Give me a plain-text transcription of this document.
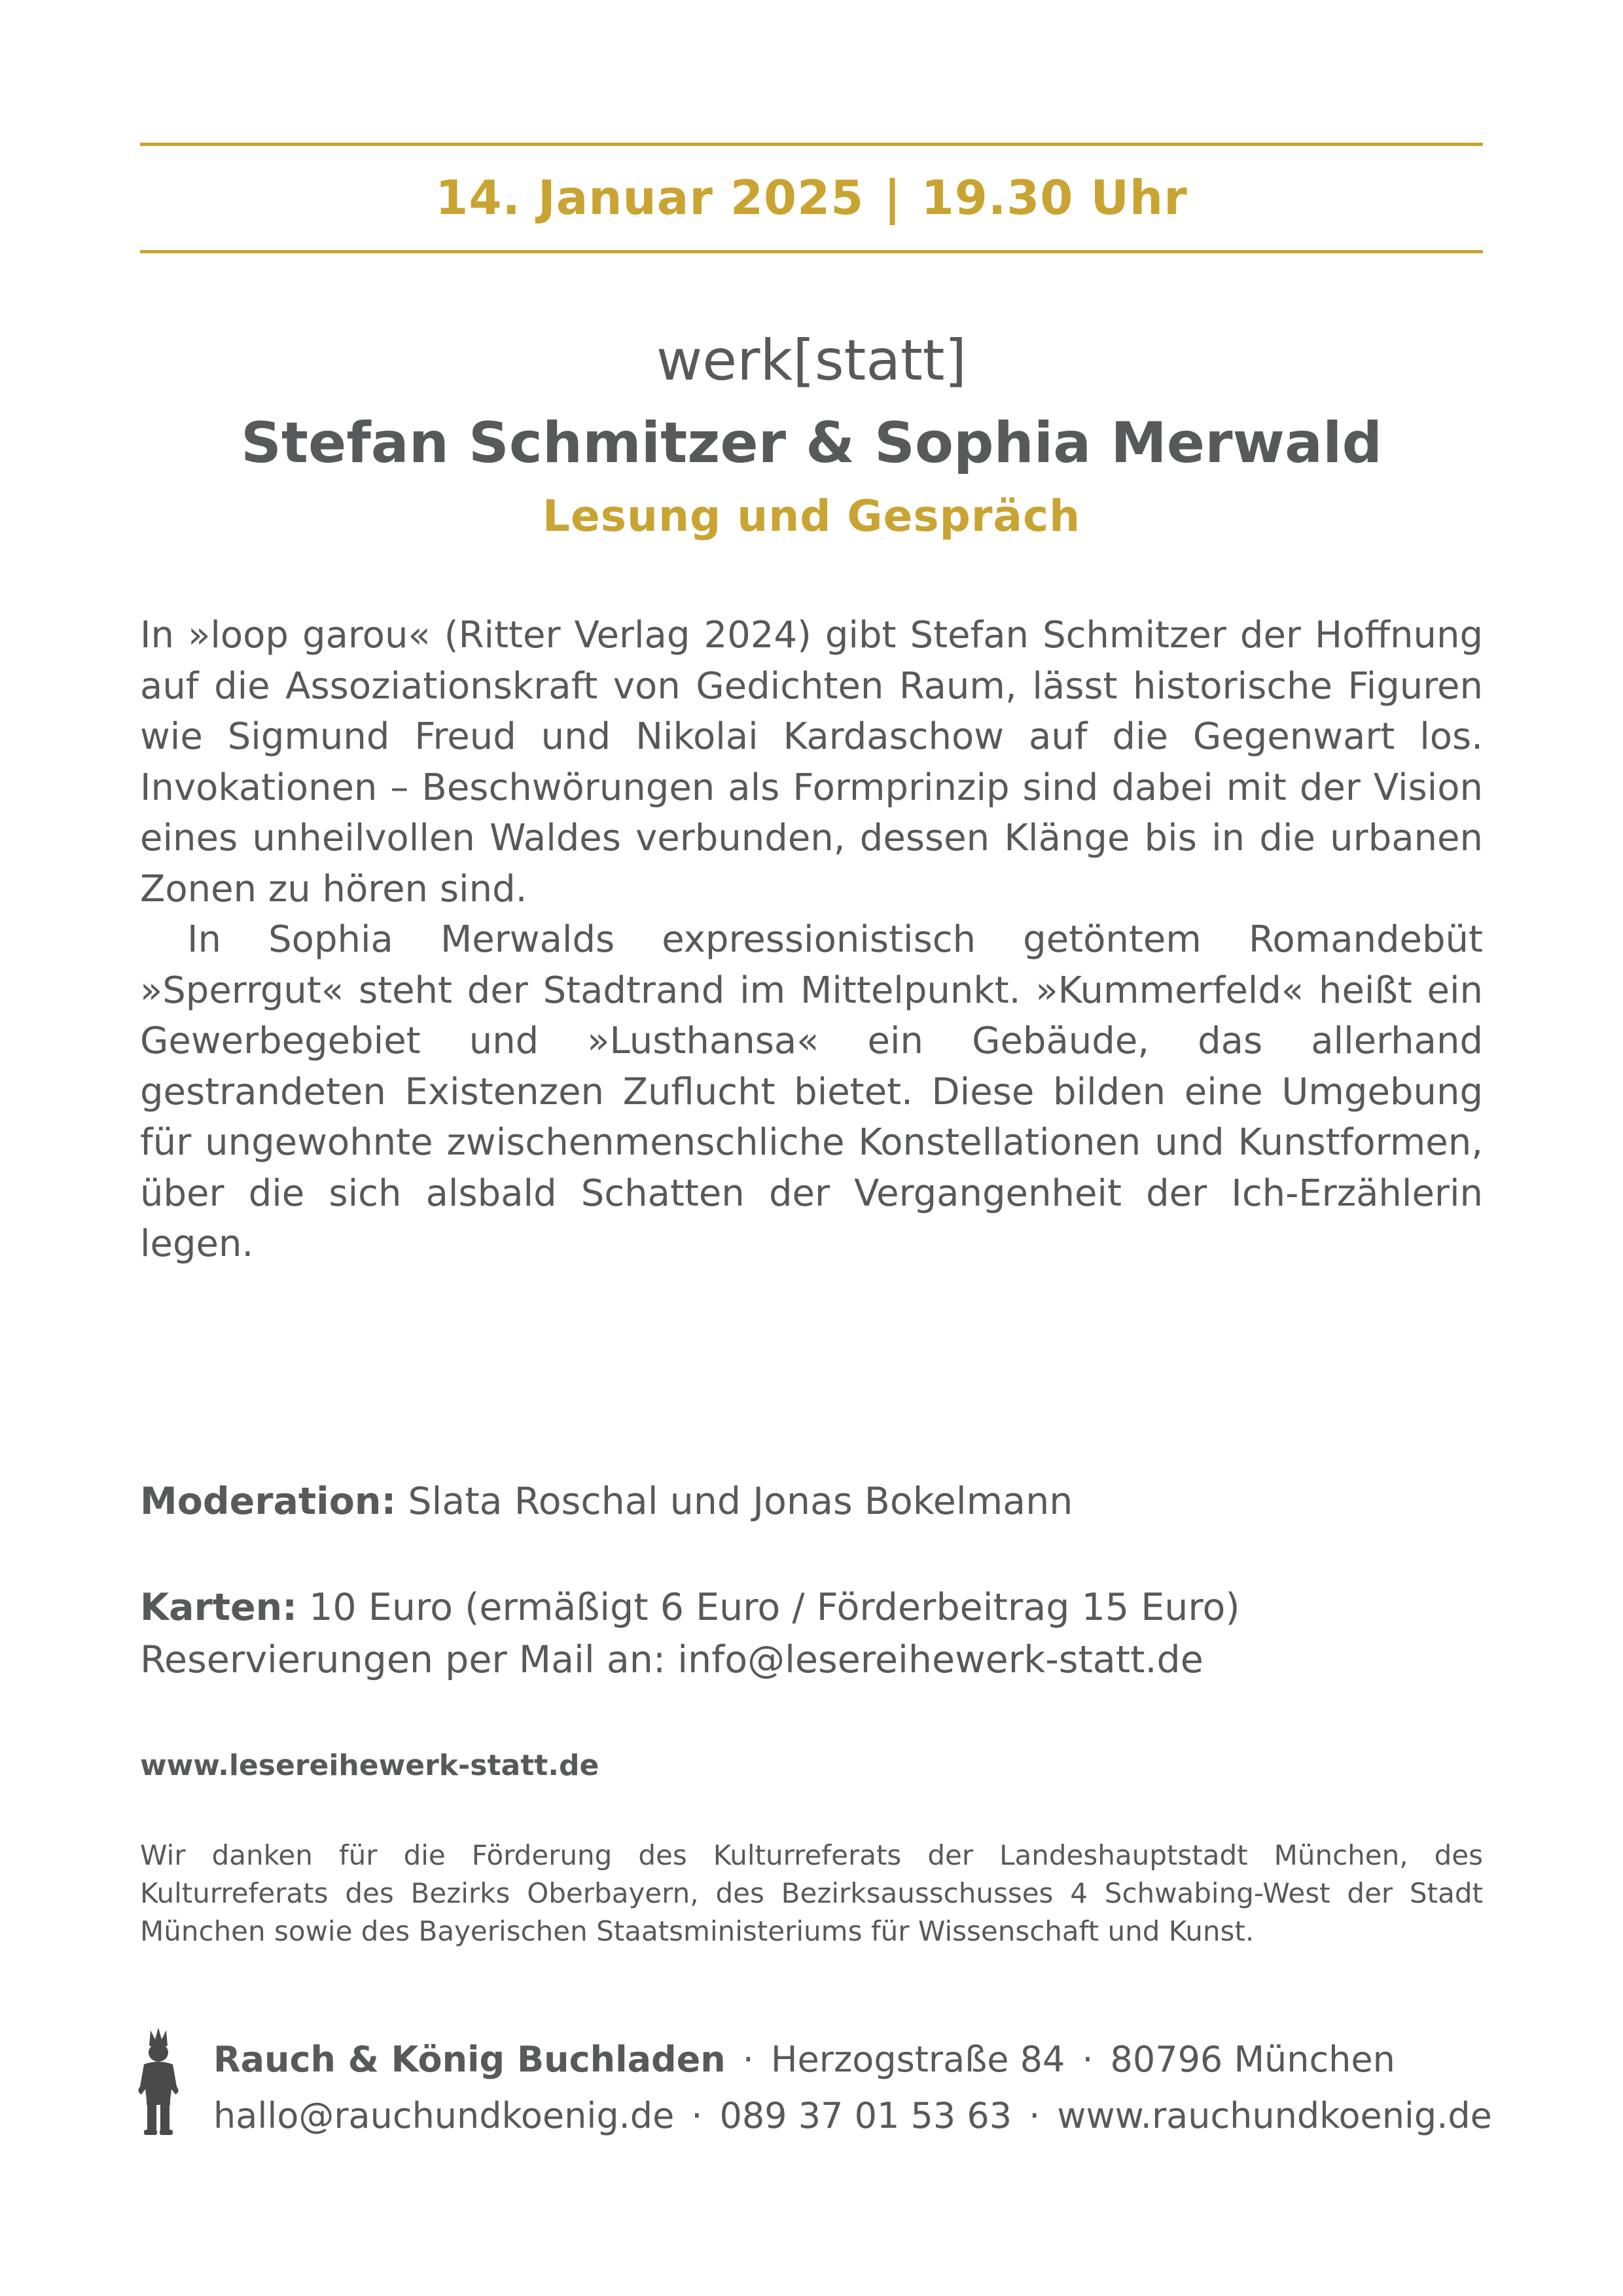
14. Januar 2025 | 19.30 Uhr
werk[statt]
Stefan Schmitzer & Sophia Merwald
Lesung und Gespräch

In »loop garou« (Ritter Verlag 2024) gibt Stefan Schmitzer der Hoffnung auf die Assoziationskraft von Gedichten Raum, lässt historische Figuren wie Sigmund Freud und Nikolai Kardaschow auf die Gegenwart los. Invokationen – Beschwörungen als Formprinzip sind dabei mit der Vision eines unheilvollen Waldes verbunden, dessen Klänge bis in die urbanen Zonen zu hören sind.

In Sophia Merwalds expressionistisch getöntem Romandebüt »Sperrgut« steht der Stadtrand im Mittelpunkt. »Kummerfeld« heißt ein Gewerbegebiet und »Lusthansa« ein Gebäude, das allerhand gestrandeten Existenzen Zuflucht bietet. Diese bilden eine Umgebung für ungewohnte zwischenmenschliche Konstellationen und Kunstformen, über die sich alsbald Schatten der Vergangenheit der Ich-Erzählerin legen.

Moderation: Slata Roschal und Jonas Bokelmann
Karten: 10 Euro (ermäßigt 6 Euro / Förderbeitrag 15 Euro)
Reservierungen per Mail an: info@lesereihewerk-statt.de
www.lesereihewerk-statt.de
Wir danken für die Förderung des Kulturreferats der Landeshauptstadt München, des Kulturreferats des Bezirks Oberbayern, des Bezirksausschusses 4 Schwabing-West der Stadt München sowie des Bayerischen Staatsministeriums für Wissenschaft und Kunst.
Rauch & König Buchladen · Herzogstraße 84 · 80796 München
hallo@rauchundkoenig.de · 089 37 01 53 63 · www.rauchundkoenig.de
